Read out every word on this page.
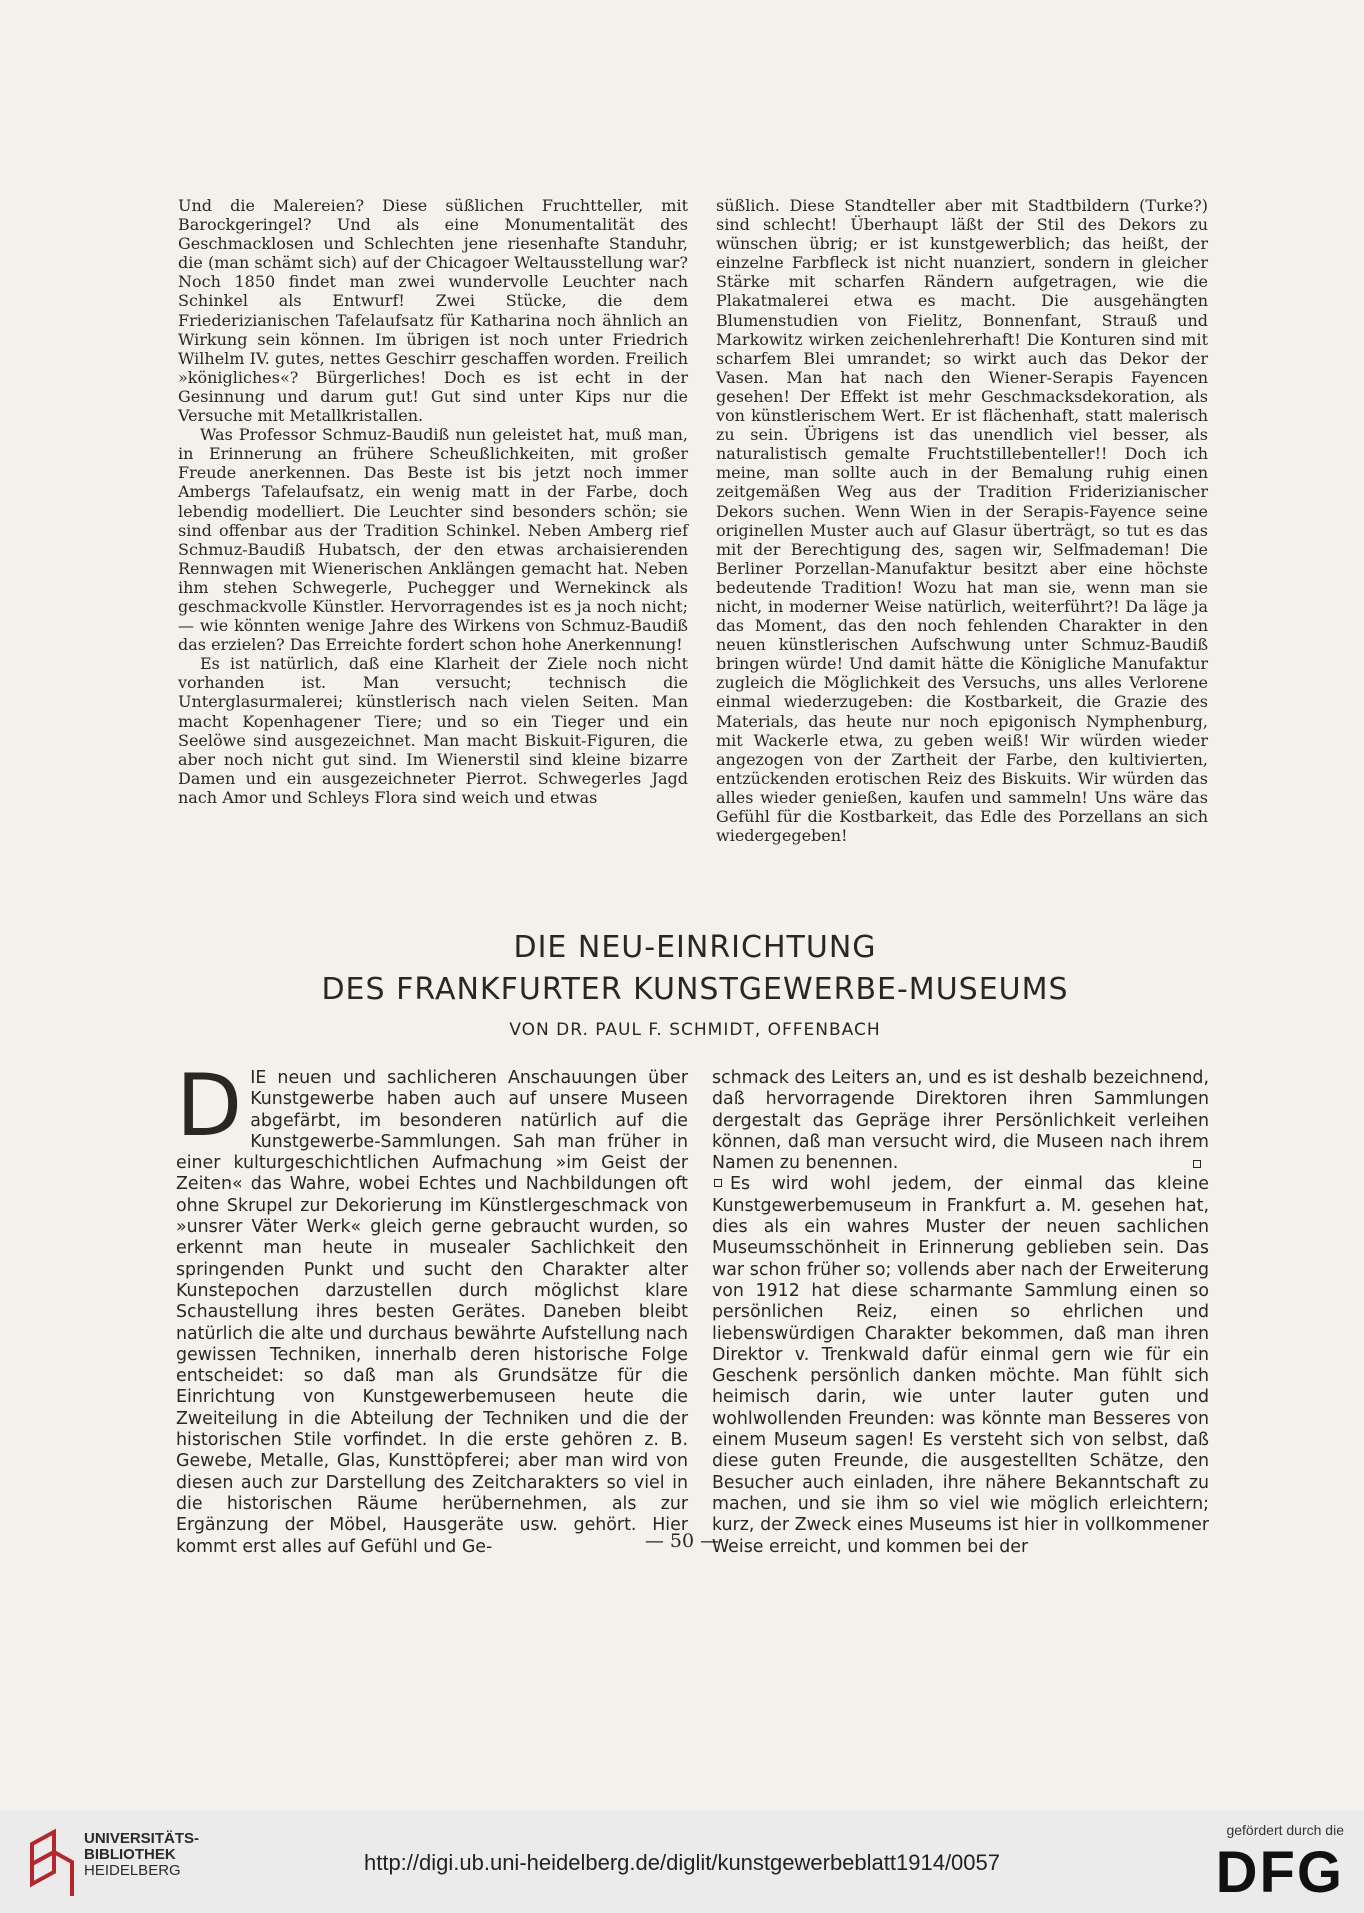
Und die Malereien? Diese süßlichen Fruchtteller, mit Barockgeringel? Und als eine Monumentalität des Geschmacklosen und Schlechten jene riesenhafte Standuhr, die (man schämt sich) auf der Chicagoer Weltausstellung war? Noch 1850 findet man zwei wundervolle Leuchter nach Schinkel als Entwurf! Zwei Stücke, die dem Friederizianischen Tafelaufsatz für Katharina noch ähnlich an Wirkung sein können. Im übrigen ist noch unter Friedrich Wilhelm IV. gutes, nettes Geschirr geschaffen worden. Freilich »königliches«? Bürgerliches! Doch es ist echt in der Gesinnung und darum gut! Gut sind unter Kips nur die Versuche mit Metallkristallen.

Was Professor Schmuz-Baudiß nun geleistet hat, muß man, in Erinnerung an frühere Scheußlichkeiten, mit großer Freude anerkennen. Das Beste ist bis jetzt noch immer Ambergs Tafelaufsatz, ein wenig matt in der Farbe, doch lebendig modelliert. Die Leuchter sind besonders schön; sie sind offenbar aus der Tradition Schinkel. Neben Amberg rief Schmuz-Baudiß Hubatsch, der den etwas archaisierenden Rennwagen mit Wienerischen Anklängen gemacht hat. Neben ihm stehen Schwegerle, Puchegger und Wernekinck als geschmackvolle Künstler. Hervorragendes ist es ja noch nicht; — wie könnten wenige Jahre des Wirkens von Schmuz-Baudiß das erzielen? Das Erreichte fordert schon hohe Anerkennung!

Es ist natürlich, daß eine Klarheit der Ziele noch nicht vorhanden ist. Man versucht; technisch die Unterglasurmalerei; künstlerisch nach vielen Seiten. Man macht Kopenhagener Tiere; und so ein Tieger und ein Seelöwe sind ausgezeichnet. Man macht Biskuit-Figuren, die aber noch nicht gut sind. Im Wienerstil sind kleine bizarre Damen und ein ausgezeichneter Pierrot. Schwegerles Jagd nach Amor und Schleys Flora sind weich und etwas

süßlich. Diese Standteller aber mit Stadtbildern (Turke?) sind schlecht! Überhaupt läßt der Stil des Dekors zu wünschen übrig; er ist kunstgewerblich; das heißt, der einzelne Farbfleck ist nicht nuanziert, sondern in gleicher Stärke mit scharfen Rändern aufgetragen, wie die Plakatmalerei etwa es macht. Die ausgehängten Blumenstudien von Fielitz, Bonnenfant, Strauß und Markowitz wirken zeichenlehrerhaft! Die Konturen sind mit scharfem Blei umrandet; so wirkt auch das Dekor der Vasen. Man hat nach den Wiener-Serapis Fayencen gesehen! Der Effekt ist mehr Geschmacksdekoration, als von künstlerischem Wert. Er ist flächenhaft, statt malerisch zu sein. Übrigens ist das unendlich viel besser, als naturalistisch gemalte Fruchtstillebenteller!! Doch ich meine, man sollte auch in der Bemalung ruhig einen zeitgemäßen Weg aus der Tradition Friderizianischer Dekors suchen. Wenn Wien in der Serapis-Fayence seine originellen Muster auch auf Glasur überträgt, so tut es das mit der Berechtigung des, sagen wir, Selfmademan! Die Berliner Porzellan-Manufaktur besitzt aber eine höchste bedeutende Tradition! Wozu hat man sie, wenn man sie nicht, in moderner Weise natürlich, weiterführt?! Da läge ja das Moment, das den noch fehlenden Charakter in den neuen künstlerischen Aufschwung unter Schmuz-Baudiß bringen würde! Und damit hätte die Königliche Manufaktur zugleich die Möglichkeit des Versuchs, uns alles Verlorene einmal wiederzugeben: die Kostbarkeit, die Grazie des Materials, das heute nur noch epigonisch Nymphenburg, mit Wackerle etwa, zu geben weiß! Wir würden wieder angezogen von der Zartheit der Farbe, den kultivierten, entzückenden erotischen Reiz des Biskuits. Wir würden das alles wieder genießen, kaufen und sammeln! Uns wäre das Gefühl für die Kostbarkeit, das Edle des Porzellans an sich wiedergegeben!

DIE NEU-EINRICHTUNG
DES FRANKFURTER KUNSTGEWERBE-MUSEUMS
VON DR. PAUL F. SCHMIDT, OFFENBACH

DIE neuen und sachlicheren Anschauungen über Kunstgewerbe haben auch auf unsere Museen abgefärbt, im besonderen natürlich auf die Kunstgewerbe-Sammlungen. Sah man früher in einer kulturgeschichtlichen Aufmachung »im Geist der Zeiten« das Wahre, wobei Echtes und Nachbildungen oft ohne Skrupel zur Dekorierung im Künstlergeschmack von »unsrer Väter Werk« gleich gerne gebraucht wurden, so erkennt man heute in musealer Sachlichkeit den springenden Punkt und sucht den Charakter alter Kunstepochen darzustellen durch möglichst klare Schaustellung ihres besten Gerätes. Daneben bleibt natürlich die alte und durchaus bewährte Aufstellung nach gewissen Techniken, innerhalb deren historische Folge entscheidet: so daß man als Grundsätze für die Einrichtung von Kunstgewerbemuseen heute die Zweiteilung in die Abteilung der Techniken und die der historischen Stile vorfindet. In die erste gehören z. B. Gewebe, Metalle, Glas, Kunsttöpferei; aber man wird von diesen auch zur Darstellung des Zeitcharakters so viel in die historischen Räume herübernehmen, als zur Ergänzung der Möbel, Hausgeräte usw. gehört. Hier kommt erst alles auf Gefühl und Ge-

schmack des Leiters an, und es ist deshalb bezeichnend, daß hervorragende Direktoren ihren Sammlungen dergestalt das Gepräge ihrer Persönlichkeit verleihen können, daß man versucht wird, die Museen nach ihrem Namen zu benennen.

Es wird wohl jedem, der einmal das kleine Kunstgewerbemuseum in Frankfurt a. M. gesehen hat, dies als ein wahres Muster der neuen sachlichen Museumsschönheit in Erinnerung geblieben sein. Das war schon früher so; vollends aber nach der Erweiterung von 1912 hat diese scharmante Sammlung einen so persönlichen Reiz, einen so ehrlichen und liebenswürdigen Charakter bekommen, daß man ihren Direktor v. Trenkwald dafür einmal gern wie für ein Geschenk persönlich danken möchte. Man fühlt sich heimisch darin, wie unter lauter guten und wohlwollenden Freunden: was könnte man Besseres von einem Museum sagen! Es versteht sich von selbst, daß diese guten Freunde, die ausgestellten Schätze, den Besucher auch einladen, ihre nähere Bekanntschaft zu machen, und sie ihm so viel wie möglich erleichtern; kurz, der Zweck eines Museums ist hier in vollkommener Weise erreicht, und kommen bei der

— 50 —
UNIVERSITÄTS-
BIBLIOTHEK
HEIDELBERG	http://digi.ub.uni-heidelberg.de/diglit/kunstgewerbeblatt1914/0057
gefördert durch die
DFG
